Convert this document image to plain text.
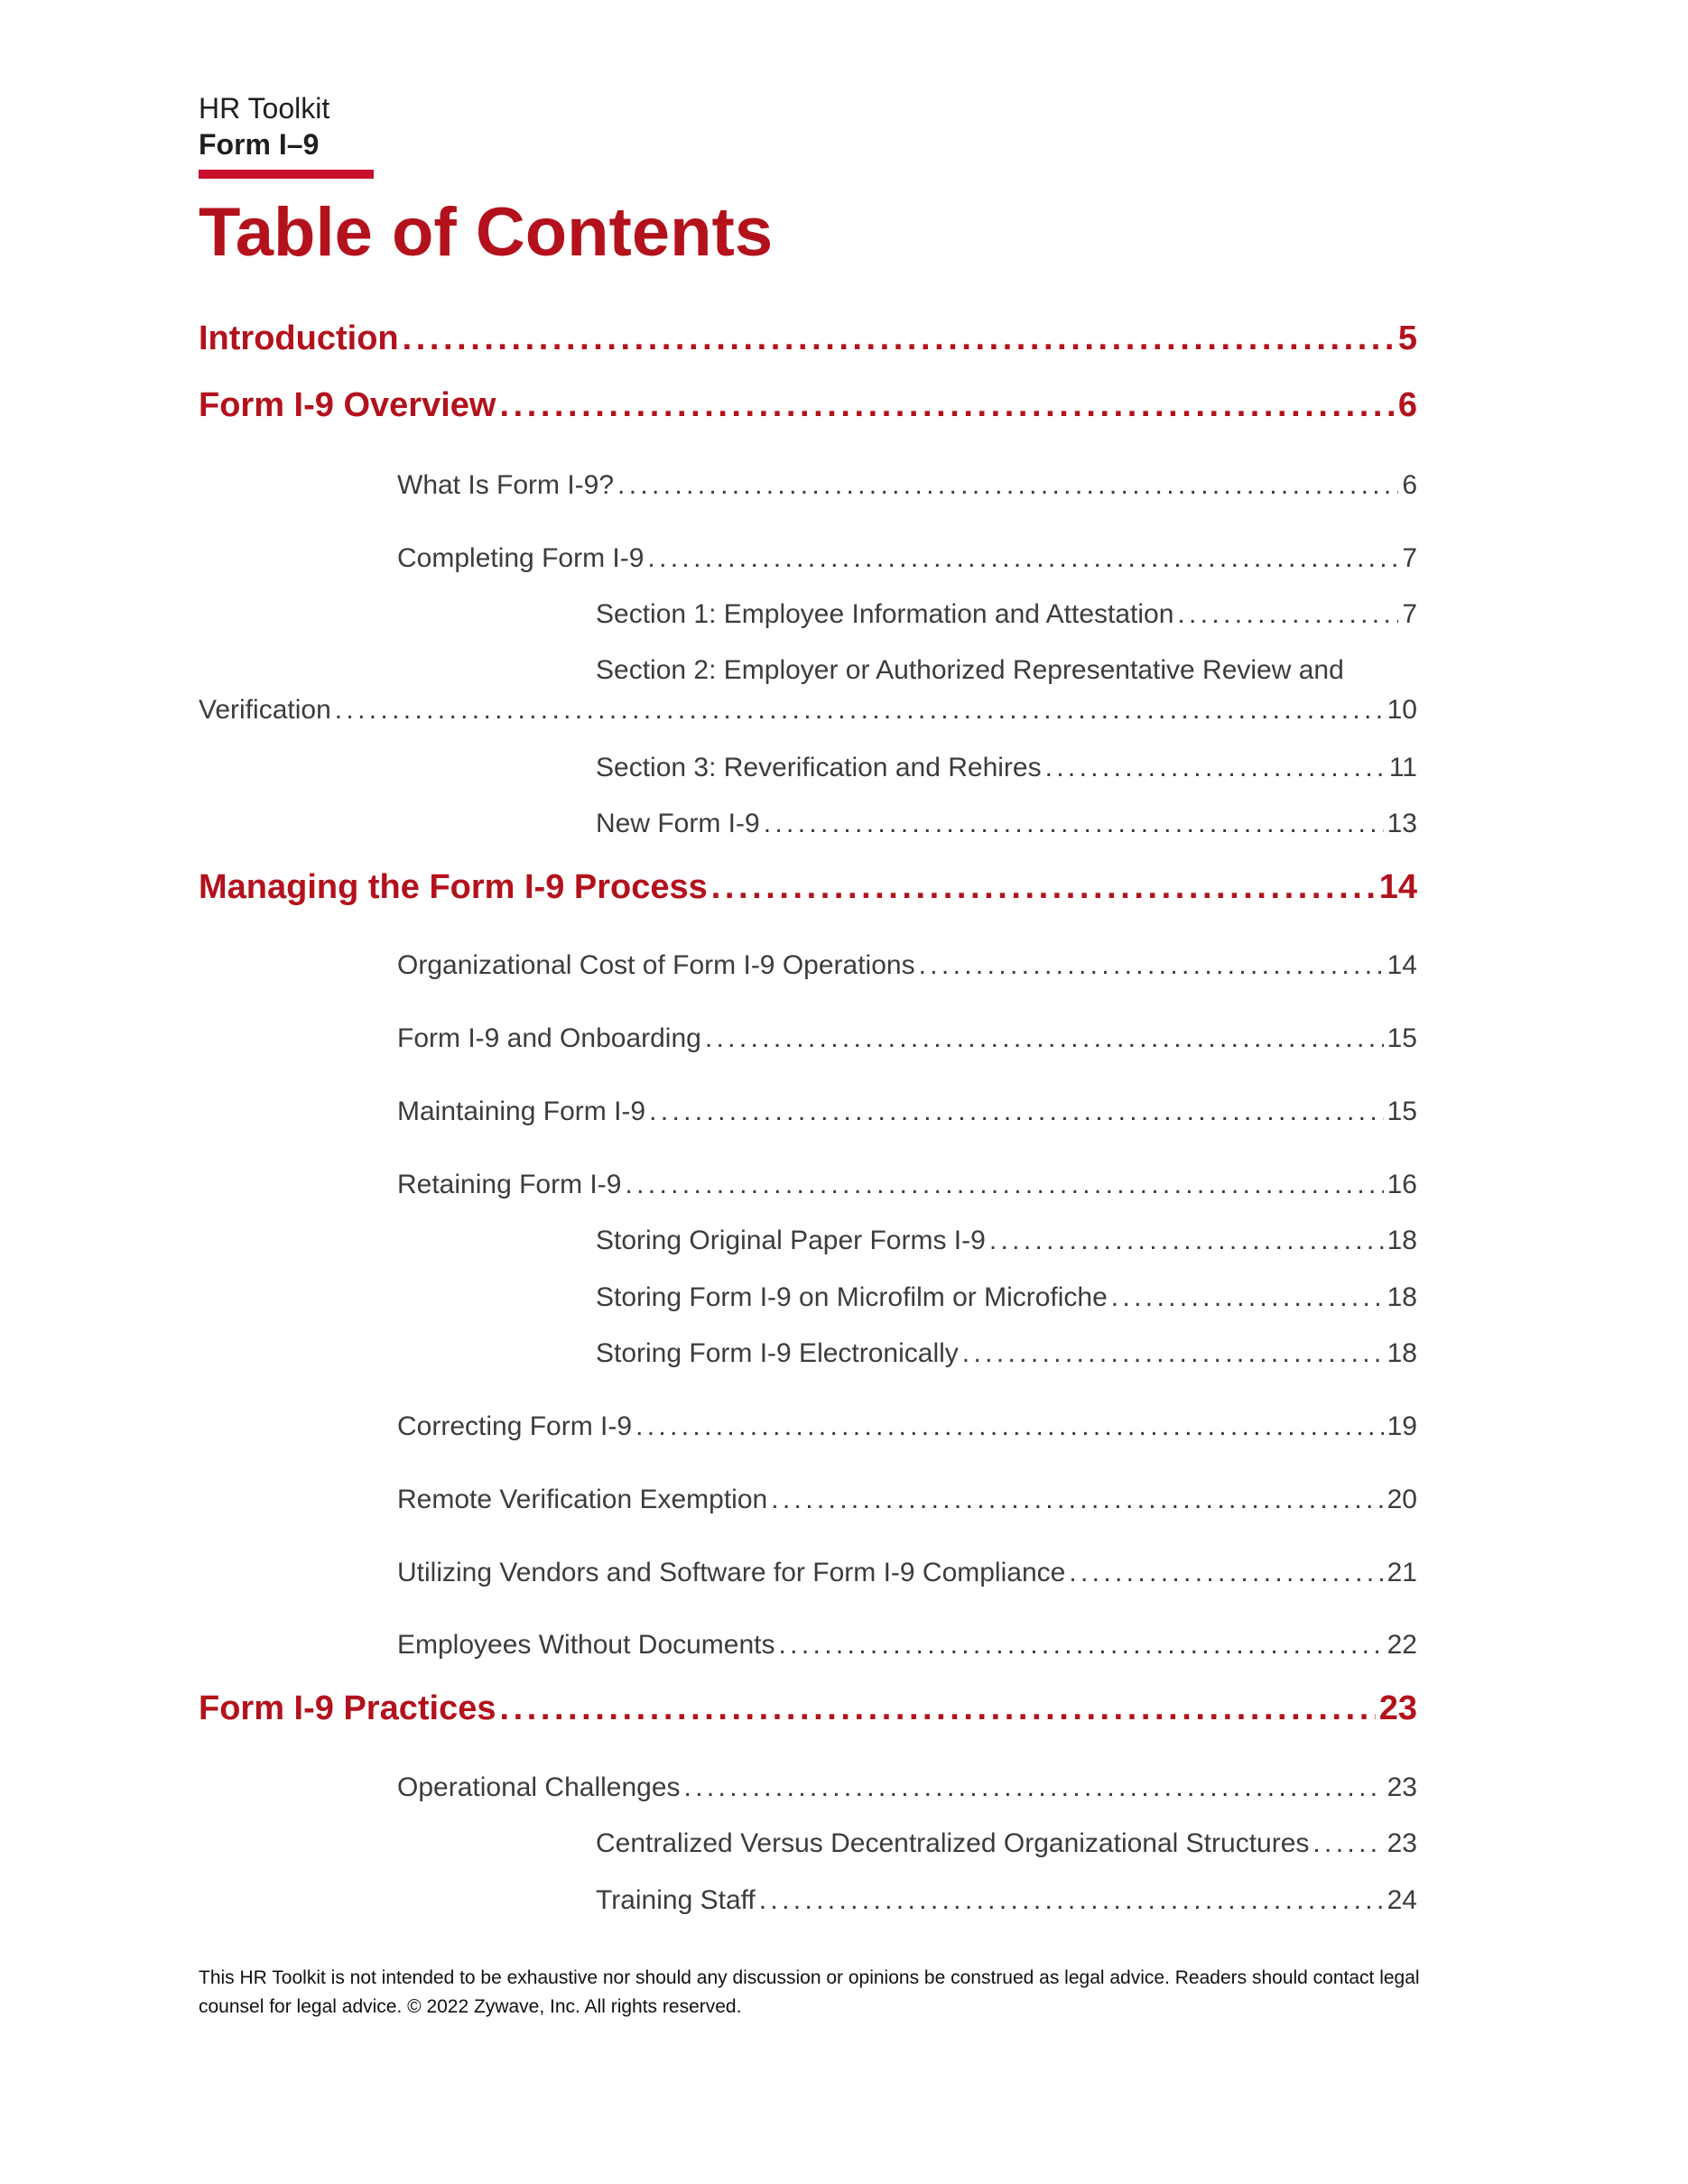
HR Toolkit
Form I–9
Table of Contents
Introduction . . .	5
Form I-9 Overview . . .	6
What Is Form I-9? . . .	6
Completing Form I-9 . . .	7
Section 1: Employee Information and Attestation . . .	7
Section 2: Employer or Authorized Representative Review and
Verification . . .	10
Section 3: Reverification and Rehires . . .	11
New Form I-9 . . .	13
Managing the Form I-9 Process . . .	14
Organizational Cost of Form I-9 Operations . . .	14
Form I-9 and Onboarding . . .	15
Maintaining Form I-9 . . .	15
Retaining Form I-9 . . .	16
Storing Original Paper Forms I-9 . . .	18
Storing Form I-9 on Microfilm or Microfiche . . .	18
Storing Form I-9 Electronically . . .	18
Correcting Form I-9 . . .	19
Remote Verification Exemption . . .	20
Utilizing Vendors and Software for Form I-9 Compliance . . .	21
Employees Without Documents . . .	22
Form I-9 Practices . . .	23
Operational Challenges . . .	23
Centralized Versus Decentralized Organizational Structures . . .	23
Training Staff . . .	24
This HR Toolkit is not intended to be exhaustive nor should any discussion or opinions be construed as legal advice. Readers should contact legal counsel for legal advice. © 2022 Zywave, Inc. All rights reserved.
